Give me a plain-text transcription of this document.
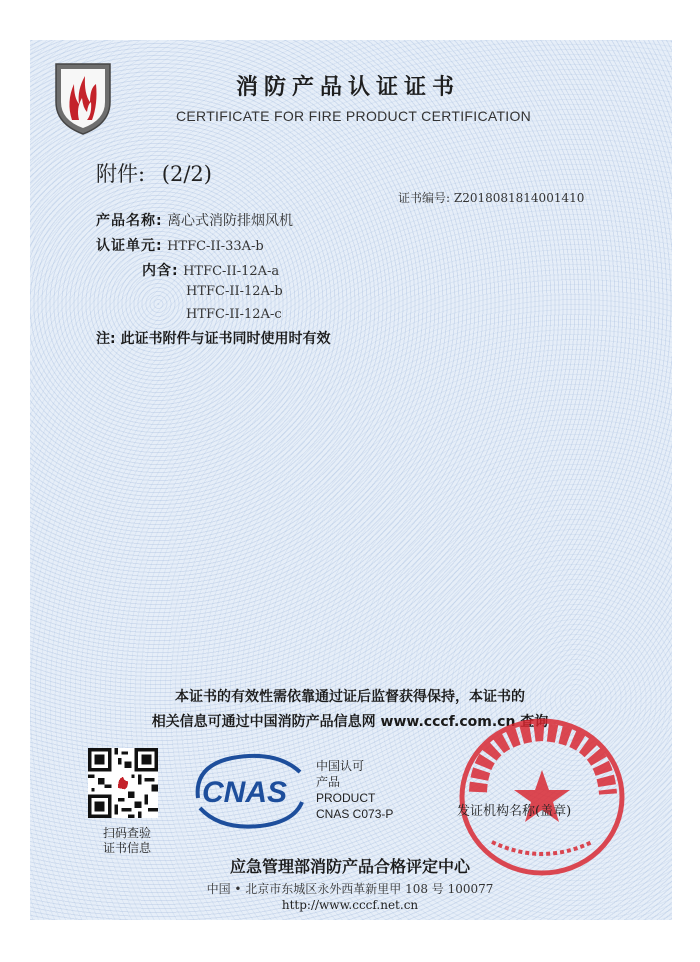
消防产品认证证书
CERTIFICATE FOR FIRE PRODUCT CERTIFICATION
附件: (2/2)
证书编号: Z2018081814001410
产品名称: 离心式消防排烟风机
认证单元: HTFC-II-33A-b
内含: HTFC-II-12A-a
HTFC-II-12A-b
HTFC-II-12A-c
注: 此证书附件与证书同时使用时有效
本证书的有效性需依靠通过证后监督获得保持，本证书的
相关信息可通过中国消防产品信息网 www.cccf.com.cn 查询
扫码查验
证书信息
CNAS
中国认可
产品
PRODUCT
CNAS C073-P	发证机构名称(盖章)
应急管理部消防产品合格评定中心
中国 • 北京市东城区永外西革新里甲 108 号 100077
http://www.cccf.net.cn
